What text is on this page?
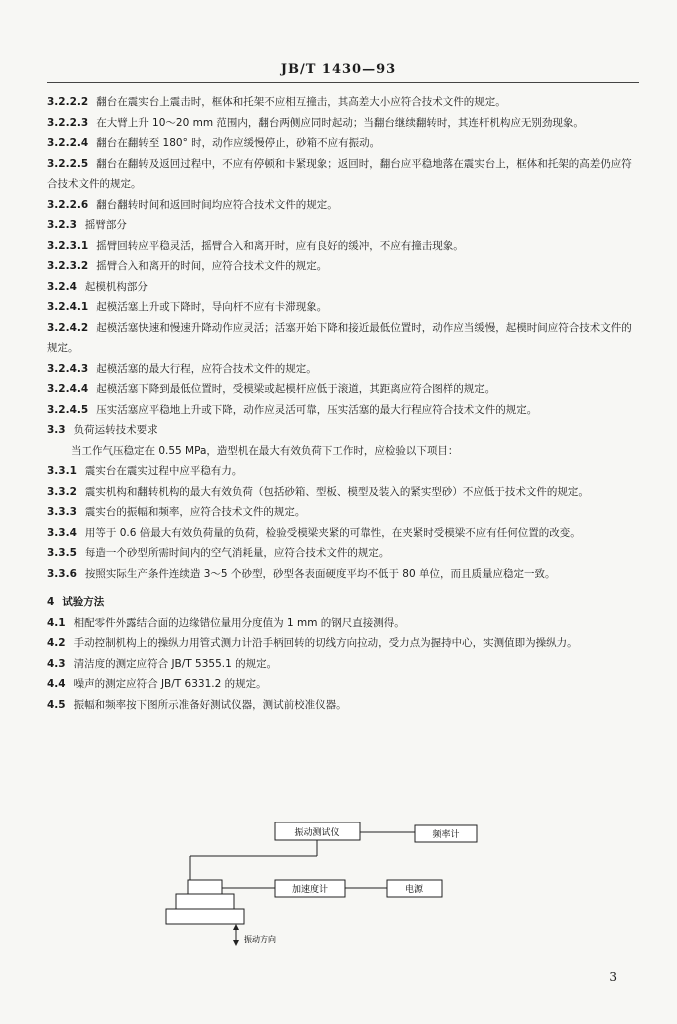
JB/T 1430—93

3.2.2.2 翻台在震实台上震击时，框体和托架不应相互撞击，其高差大小应符合技术文件的规定。

3.2.2.3 在大臂上升 10～20 mm 范围内，翻台两侧应同时起动；当翻台继续翻转时，其连杆机构应无别劲现象。

3.2.2.4 翻台在翻转至 180° 时，动作应缓慢停止，砂箱不应有振动。

3.2.2.5 翻台在翻转及返回过程中，不应有停顿和卡紧现象；返回时，翻台应平稳地落在震实台上，框体和托架的高差仍应符合技术文件的规定。

3.2.2.6 翻台翻转时间和返回时间均应符合技术文件的规定。

3.2.3 摇臂部分

3.2.3.1 摇臂回转应平稳灵活，摇臂合入和离开时，应有良好的缓冲，不应有撞击现象。

3.2.3.2 摇臂合入和离开的时间，应符合技术文件的规定。

3.2.4 起模机构部分

3.2.4.1 起模活塞上升或下降时，导向杆不应有卡滞现象。

3.2.4.2 起模活塞快速和慢速升降动作应灵活；活塞开始下降和接近最低位置时，动作应当缓慢，起模时间应符合技术文件的规定。

3.2.4.3 起模活塞的最大行程，应符合技术文件的规定。

3.2.4.4 起模活塞下降到最低位置时，受模梁或起模杆应低于滚道，其距离应符合图样的规定。

3.2.4.5 压实活塞应平稳地上升或下降，动作应灵活可靠，压实活塞的最大行程应符合技术文件的规定。

3.3 负荷运转技术要求

当工作气压稳定在 0.55 MPa，造型机在最大有效负荷下工作时，应检验以下项目：

3.3.1 震实台在震实过程中应平稳有力。

3.3.2 震实机构和翻转机构的最大有效负荷（包括砂箱、型板、模型及装入的紧实型砂）不应低于技术文件的规定。

3.3.3 震实台的振幅和频率，应符合技术文件的规定。

3.3.4 用等于 0.6 倍最大有效负荷量的负荷，检验受模梁夹紧的可靠性，在夹紧时受模梁不应有任何位置的改变。

3.3.5 每造一个砂型所需时间内的空气消耗量，应符合技术文件的规定。

3.3.6 按照实际生产条件连续造 3～5 个砂型，砂型各表面硬度平均不低于 80 单位，而且质量应稳定一致。

4 试验方法

4.1 相配零件外露结合面的边缘错位量用分度值为 1 mm 的钢尺直接测得。

4.2 手动控制机构上的操纵力用管式测力计沿手柄回转的切线方向拉动，受力点为握持中心，实测值即为操纵力。

4.3 清洁度的测定应符合 JB/T 5355.1 的规定。

4.4 噪声的测定应符合 JB/T 6331.2 的规定。

4.5 振幅和频率按下图所示准备好测试仪器，测试前校准仪器。

振动测试仪	频率计
加速度计	电源
振动方向
3
